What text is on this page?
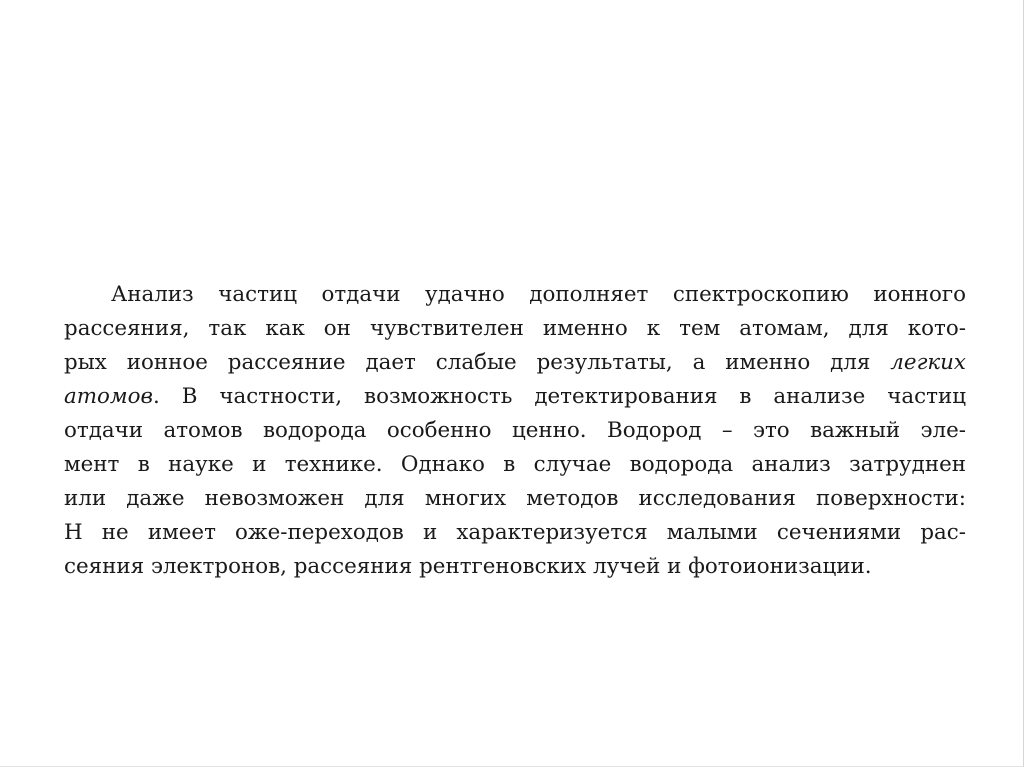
Анализ частиц отдачи удачно дополняет спектроскопию ионного
рассеяния, так как он чувствителен именно к тем атомам, для кото-
рых ионное рассеяние дает слабые результаты, а именно для легких
атомов. В частности, возможность детектирования в анализе частиц
отдачи атомов водорода особенно ценно. Водород – это важный эле-
мент в науке и технике. Однако в случае водорода анализ затруднен
или даже невозможен для многих методов исследования поверхности:
H не имеет оже-переходов и характеризуется малыми сечениями рас-
сеяния электронов, рассеяния рентгеновских лучей и фотоионизации.
